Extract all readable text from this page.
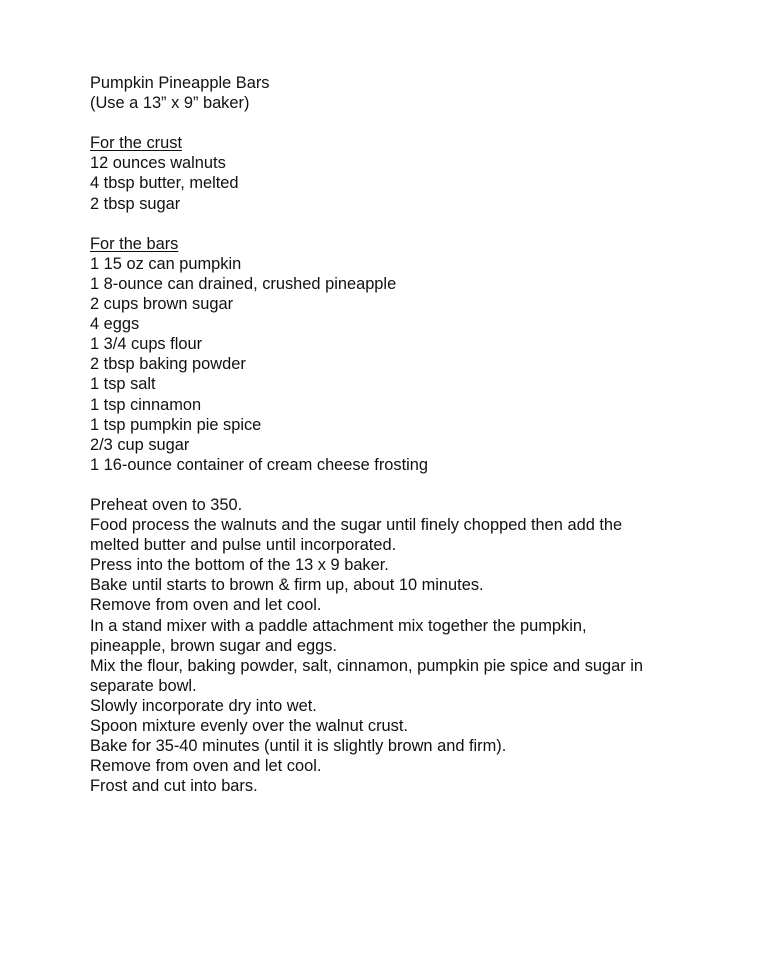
Pumpkin Pineapple Bars
(Use a 13” x 9” baker)
For the crust
12 ounces walnuts
4 tbsp butter, melted
2 tbsp sugar
For the bars
1 15 oz can pumpkin
1 8-ounce can drained, crushed pineapple
2 cups brown sugar
4 eggs
1 3/4 cups flour
2 tbsp baking powder
1 tsp salt
1 tsp cinnamon
1 tsp pumpkin pie spice
2/3 cup sugar
1 16-ounce container of cream cheese frosting
Preheat oven to 350.
Food process the walnuts and the sugar until finely chopped then add the
melted butter and pulse until incorporated.
Press into the bottom of the 13 x 9 baker.
Bake until starts to brown & firm up, about 10 minutes.
Remove from oven and let cool.
In a stand mixer with a paddle attachment mix together the pumpkin,
pineapple, brown sugar and eggs.
Mix the flour, baking powder, salt, cinnamon, pumpkin pie spice and sugar in
separate bowl.
Slowly incorporate dry into wet.
Spoon mixture evenly over the walnut crust.
Bake for 35-40 minutes (until it is slightly brown and firm).
Remove from oven and let cool.
Frost and cut into bars.
